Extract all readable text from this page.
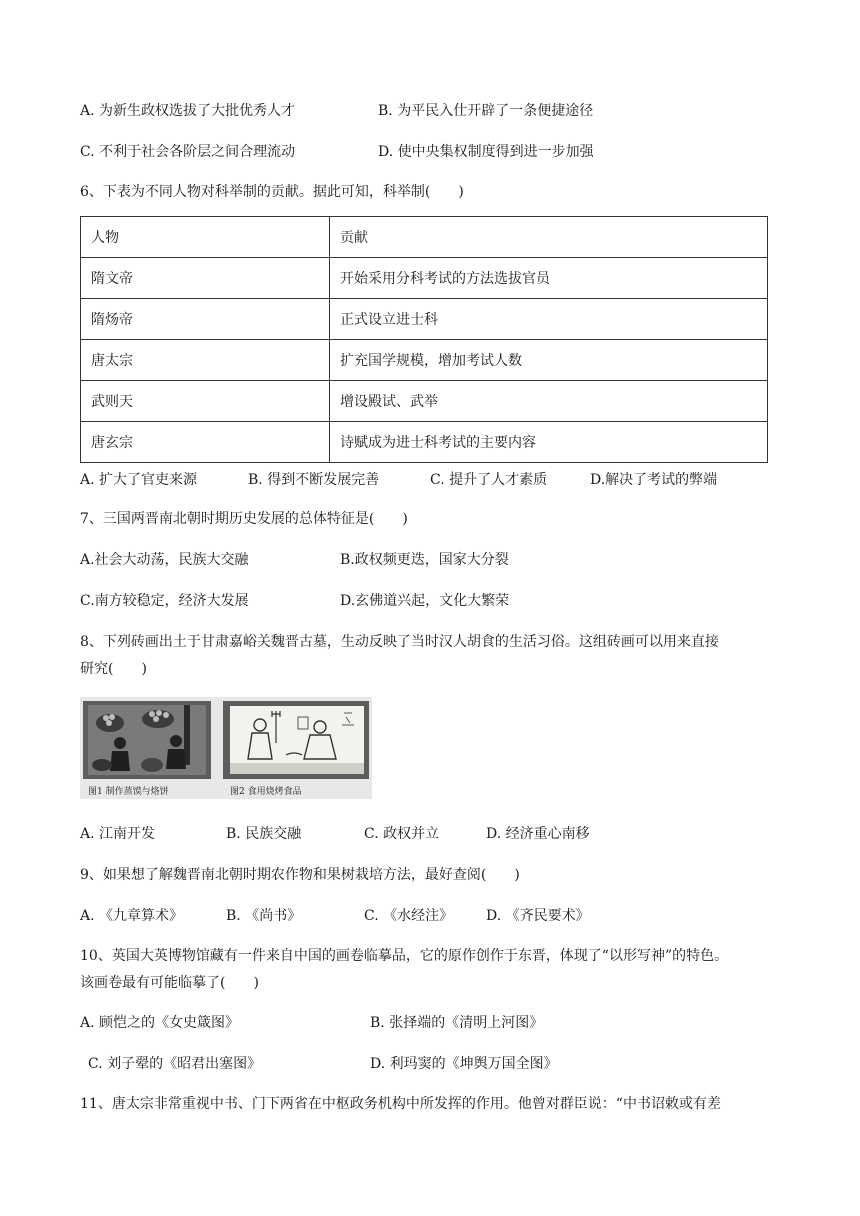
A. 为新生政权选拔了大批优秀人才	B. 为平民入仕开辟了一条便捷途径
C. 不利于社会各阶层之间合理流动	D. 使中央集权制度得到进一步加强
6、下表为不同人物对科举制的贡献。据此可知，科举制(　　)
人物	贡献
隋文帝	开始采用分科考试的方法选拔官员
隋炀帝	正式设立进士科
唐太宗	扩充国学规模，增加考试人数
武则天	增设殿试、武举
唐玄宗	诗赋成为进士科考试的主要内容
A. 扩大了官吏来源	B. 得到不断发展完善	C. 提升了人才素质	D.解决了考试的弊端
7、三国两晋南北朝时期历史发展的总体特征是(　　)
A.社会大动荡，民族大交融	B.政权频更迭，国家大分裂
C.南方较稳定，经济大发展	D.玄佛道兴起，文化大繁荣
8、下列砖画出土于甘肃嘉峪关魏晋古墓，生动反映了当时汉人胡食的生活习俗。这组砖画可以用来直接
研究(　　)
图1 制作蒸馍与烙饼	图2 食用烧烤食品
A. 江南开发	B. 民族交融	C. 政权并立	D. 经济重心南移
9、如果想了解魏晋南北朝时期农作物和果树栽培方法，最好查阅(　　)
A. 《九章算术》	B. 《尚书》	C. 《水经注》 D. 《齐民要术》
10、英国大英博物馆藏有一件来自中国的画卷临摹品，它的原作创作于东晋，体现了“以形写神”的特色。
该画卷最有可能临摹了(　　)
A. 顾恺之的《女史箴图》	B. 张择端的《清明上河图》
C. 刘子翚的《昭君出塞图》	D. 利玛窦的《坤舆万国全图》
11、唐太宗非常重视中书、门下两省在中枢政务机构中所发挥的作用。他曾对群臣说：“中书诏敕或有差
